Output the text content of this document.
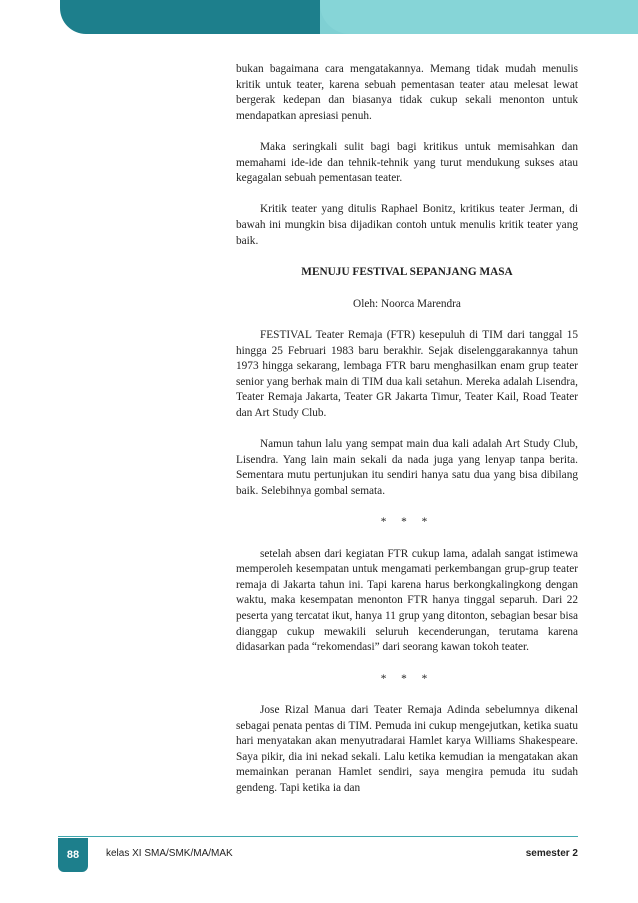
bukan bagaimana cara mengatakannya. Memang tidak mudah menulis kritik untuk teater, karena sebuah pementasan teater atau melesat lewat bergerak kedepan dan biasanya tidak cukup sekali menonton untuk mendapatkan apresiasi penuh.

Maka seringkali sulit bagi bagi kritikus untuk memisahkan dan memahami ide-ide dan tehnik-tehnik yang turut mendukung sukses atau kegagalan sebuah pementasan teater.

Kritik teater yang ditulis Raphael Bonitz, kritikus teater Jerman, di bawah ini mungkin bisa dijadikan contoh untuk menulis kritik teater yang baik.

MENUJU FESTIVAL SEPANJANG MASA

Oleh: Noorca Marendra

FESTIVAL Teater Remaja (FTR) kesepuluh di TIM dari tanggal 15 hingga 25 Februari 1983 baru berakhir. Sejak diselenggarakannya tahun 1973 hingga sekarang, lembaga FTR baru menghasilkan enam grup teater senior yang berhak main di TIM dua kali setahun. Mereka adalah Lisendra, Teater Remaja Jakarta, Teater GR Jakarta Timur, Teater Kail, Road Teater dan Art Study Club.

Namun tahun lalu yang sempat main dua kali adalah Art Study Club, Lisendra. Yang lain main sekali da nada juga yang lenyap tanpa berita. Sementara mutu pertunjukan itu sendiri hanya satu dua yang bisa dibilang baik. Selebihnya gombal semata.

* * *

setelah absen dari kegiatan FTR cukup lama, adalah sangat istimewa memperoleh kesempatan untuk mengamati perkembangan grup-grup teater remaja di Jakarta tahun ini. Tapi karena harus berkongkalingkong dengan waktu, maka kesempatan menonton FTR hanya tinggal separuh. Dari 22 peserta yang tercatat ikut, hanya 11 grup yang ditonton, sebagian besar bisa dianggap cukup mewakili seluruh kecenderungan, terutama karena didasarkan pada “rekomendasi” dari seorang kawan tokoh teater.

* * *

Jose Rizal Manua dari Teater Remaja Adinda sebelumnya dikenal sebagai penata pentas di TIM. Pemuda ini cukup mengejutkan, ketika suatu hari menyatakan akan menyutradarai Hamlet karya Williams Shakespeare. Saya pikir, dia ini nekad sekali. Lalu ketika kemudian ia mengatakan akan memainkan peranan Hamlet sendiri, saya mengira pemuda itu sudah gendeng. Tapi ketika ia dan

88	kelas XI SMA/SMK/MA/MAK	semester 2
